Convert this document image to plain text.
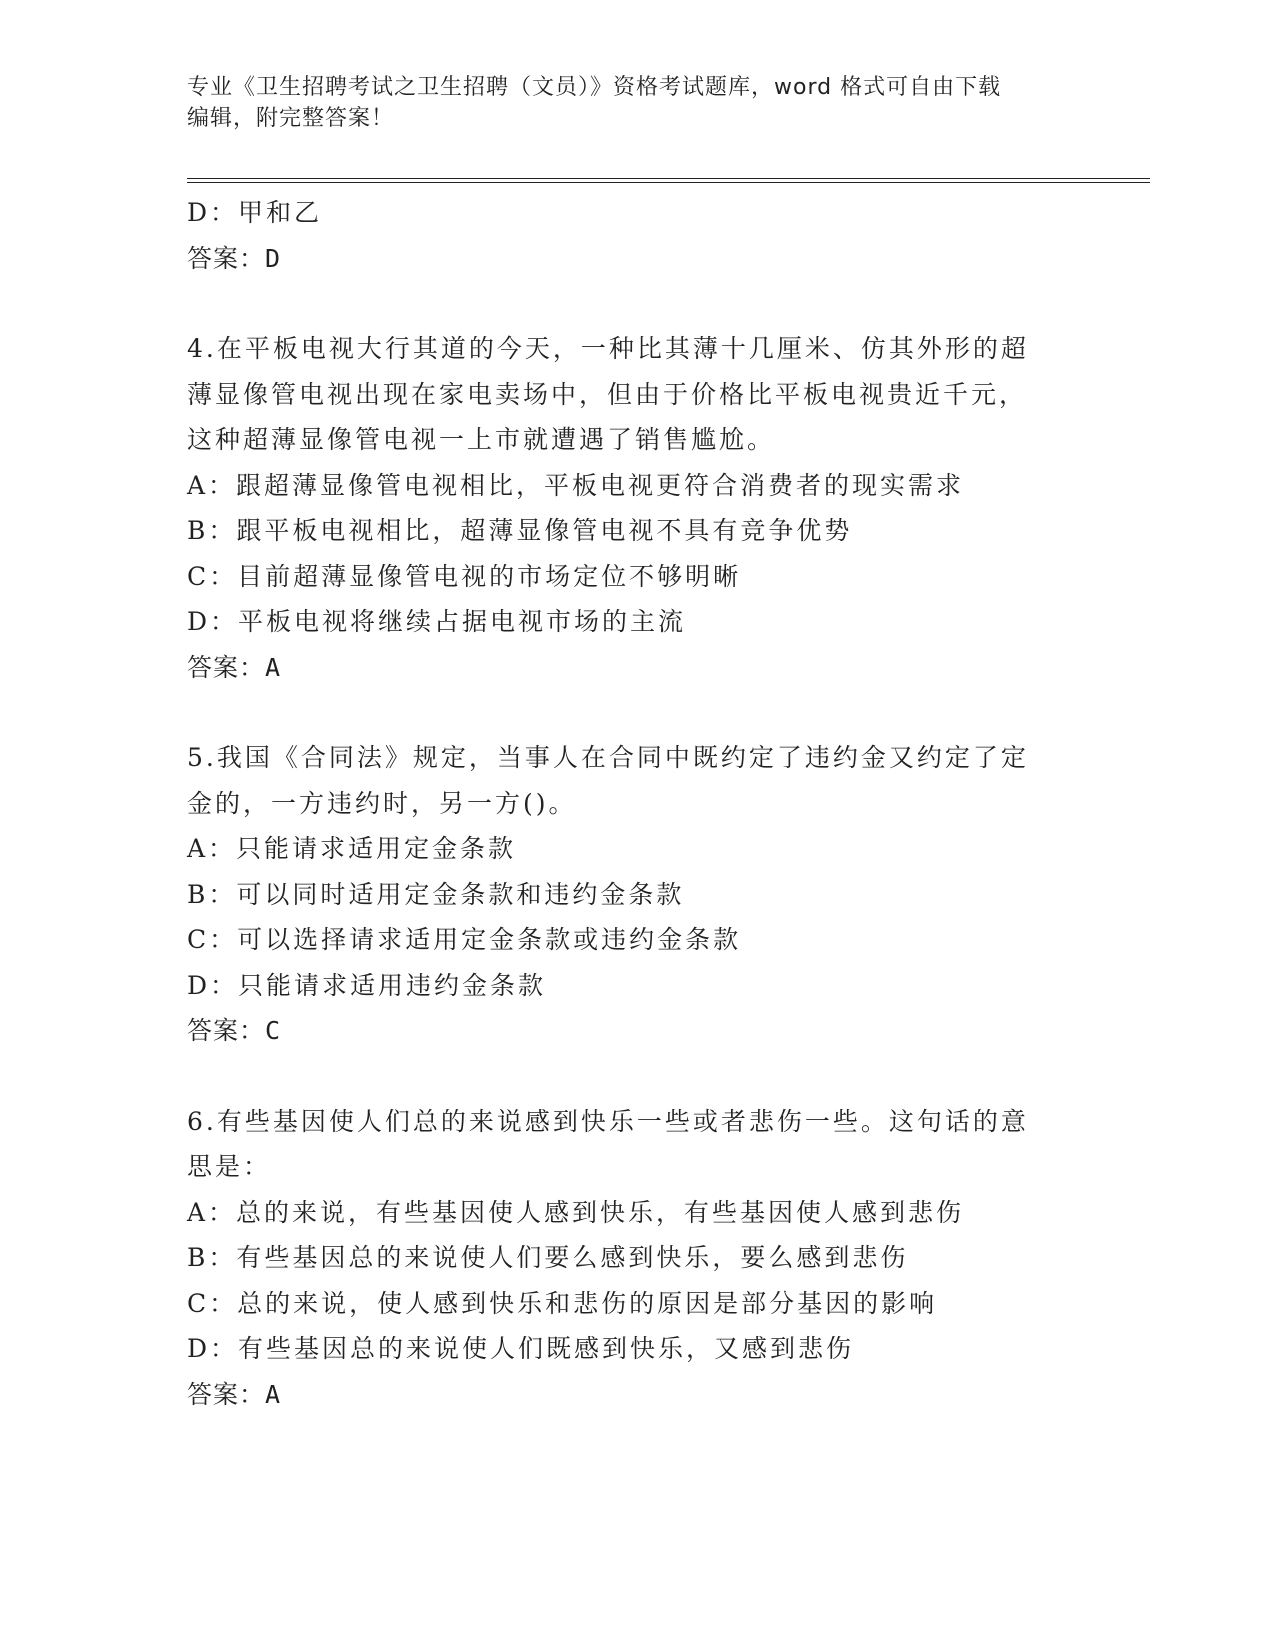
专业《卫生招聘考试之卫生招聘（文员）》资格考试题库，word 格式可自由下载
编辑，附完整答案！
D：甲和乙
答案：D
4.在平板电视大行其道的今天，一种比其薄十几厘米、仿其外形的超
薄显像管电视出现在家电卖场中，但由于价格比平板电视贵近千元，
这种超薄显像管电视一上市就遭遇了销售尴尬。
A：跟超薄显像管电视相比，平板电视更符合消费者的现实需求
B：跟平板电视相比，超薄显像管电视不具有竞争优势
C：目前超薄显像管电视的市场定位不够明晰
D：平板电视将继续占据电视市场的主流
答案：A
5.我国《合同法》规定，当事人在合同中既约定了违约金又约定了定
金的，一方违约时，另一方()。
A：只能请求适用定金条款
B：可以同时适用定金条款和违约金条款
C：可以选择请求适用定金条款或违约金条款
D：只能请求适用违约金条款
答案：C
6.有些基因使人们总的来说感到快乐一些或者悲伤一些。这句话的意
思是：
A：总的来说，有些基因使人感到快乐，有些基因使人感到悲伤
B：有些基因总的来说使人们要么感到快乐，要么感到悲伤
C：总的来说，使人感到快乐和悲伤的原因是部分基因的影响
D：有些基因总的来说使人们既感到快乐，又感到悲伤
答案：A
